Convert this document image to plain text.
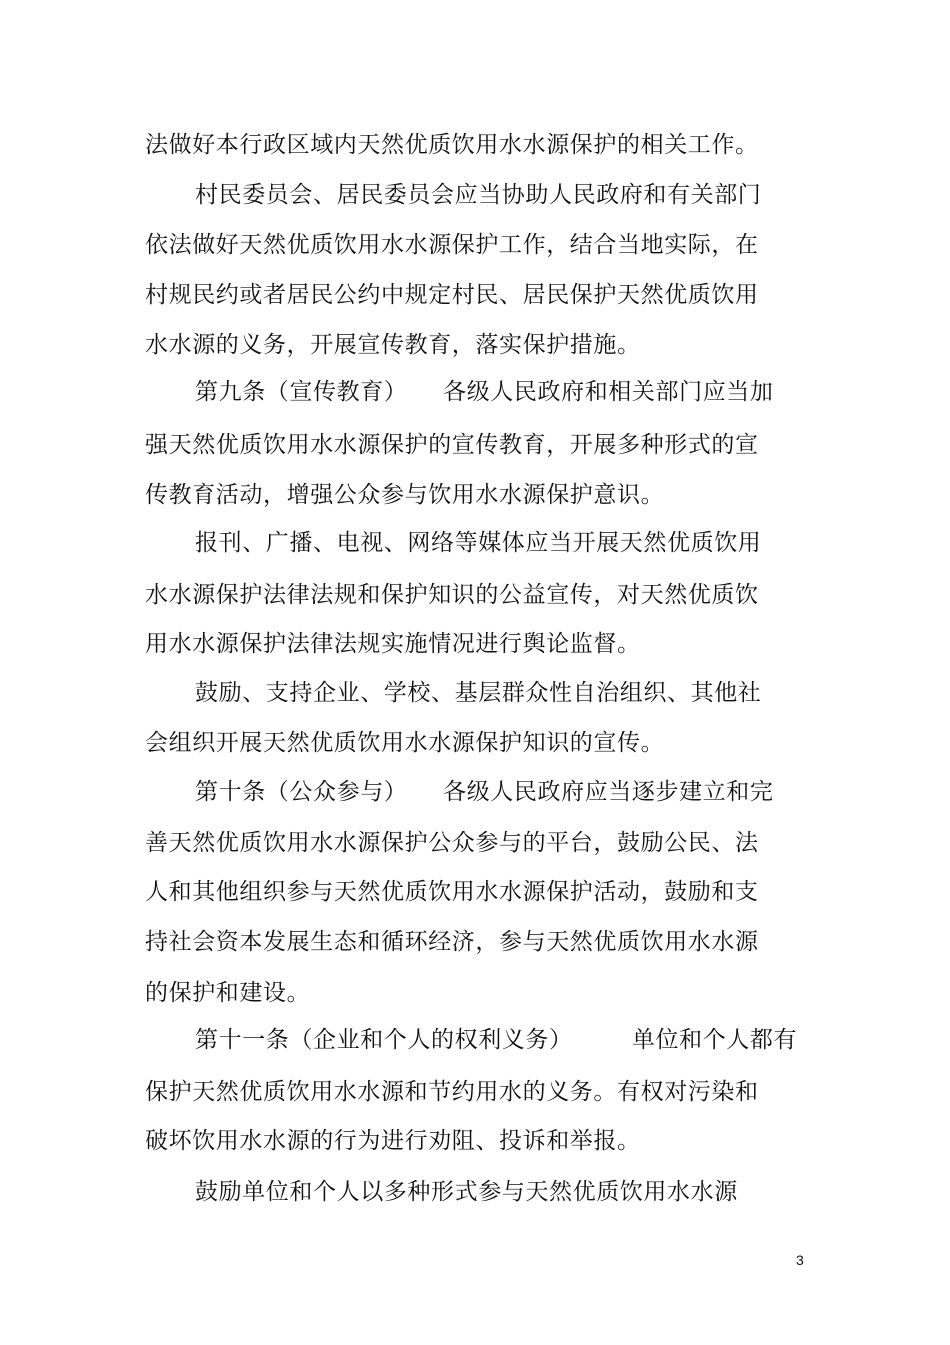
法做好本行政区域内天然优质饮用水水源保护的相关工作。
村民委员会、居民委员会应当协助人民政府和有关部门
依法做好天然优质饮用水水源保护工作，结合当地实际，在
村规民约或者居民公约中规定村民、居民保护天然优质饮用
水水源的义务，开展宣传教育，落实保护措施。
第九条（宣传教育）　　各级人民政府和相关部门应当加
强天然优质饮用水水源保护的宣传教育，开展多种形式的宣
传教育活动，增强公众参与饮用水水源保护意识。
报刊、广播、电视、网络等媒体应当开展天然优质饮用
水水源保护法律法规和保护知识的公益宣传，对天然优质饮
用水水源保护法律法规实施情况进行舆论监督。
鼓励、支持企业、学校、基层群众性自治组织、其他社
会组织开展天然优质饮用水水源保护知识的宣传。
第十条（公众参与）　　各级人民政府应当逐步建立和完
善天然优质饮用水水源保护公众参与的平台，鼓励公民、法
人和其他组织参与天然优质饮用水水源保护活动，鼓励和支
持社会资本发展生态和循环经济，参与天然优质饮用水水源
的保护和建设。
第十一条（企业和个人的权利义务）　　　单位和个人都有
保护天然优质饮用水水源和节约用水的义务。有权对污染和
破坏饮用水水源的行为进行劝阻、投诉和举报。
鼓励单位和个人以多种形式参与天然优质饮用水水源
3
